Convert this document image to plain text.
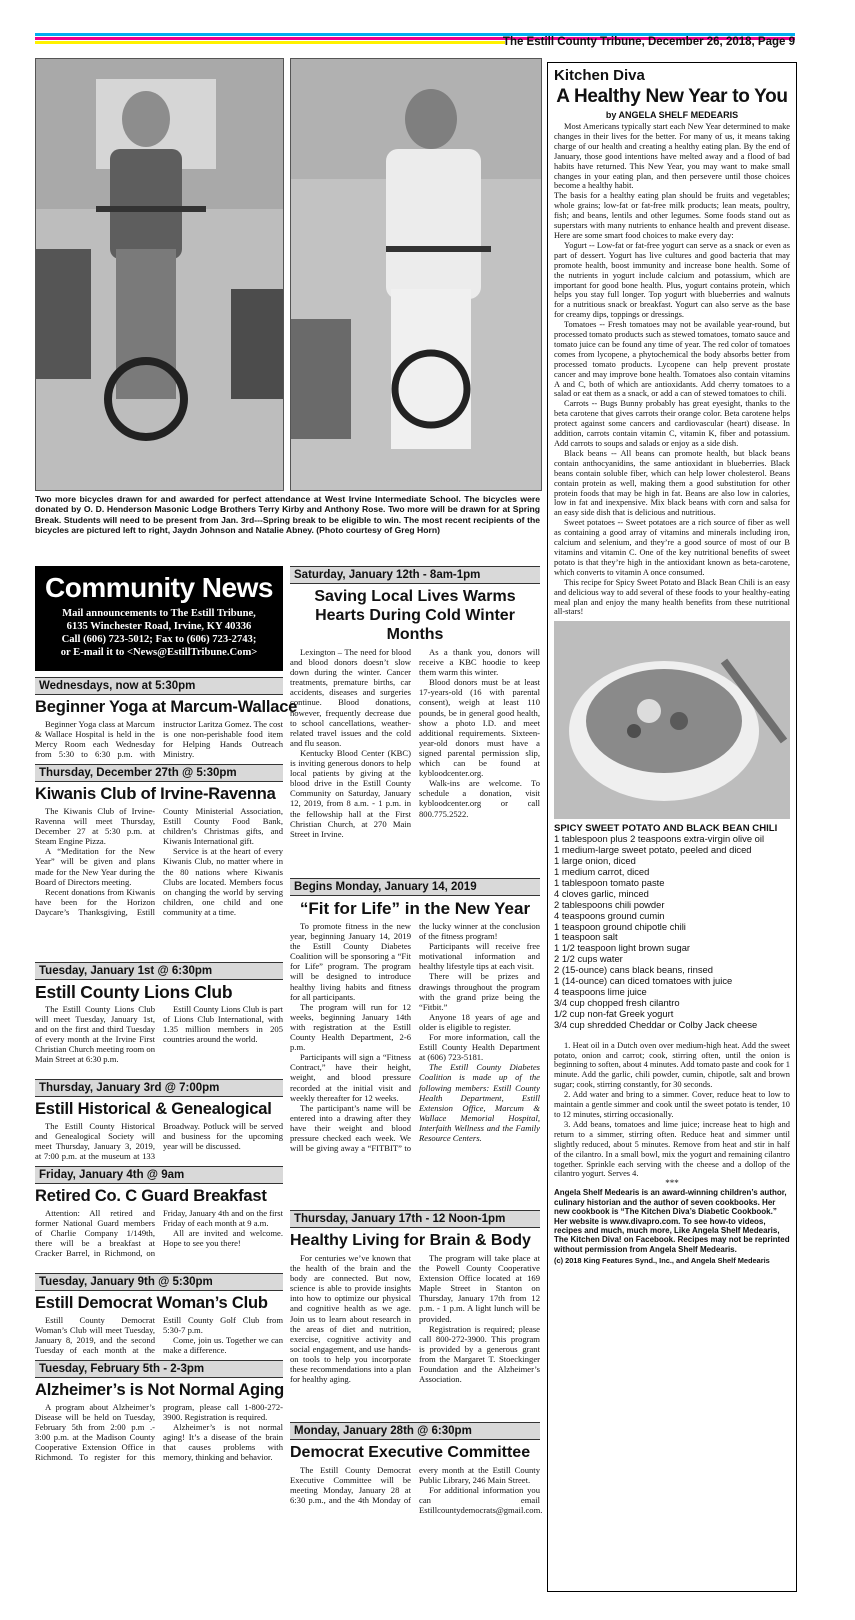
The Estill County Tribune, December 26, 2018, Page 9
Two more bicycles drawn for and awarded for perfect attendance at West Irvine Intermediate School. The bicycles were donated by O. D. Henderson Masonic Lodge Brothers Terry Kirby and Anthony Rose. Two more will be drawn for at Spring Break. Students will need to be present from Jan. 3rd---Spring break to be eligible to win. The most recent recipients of the bicycles are pictured left to right, Jaydn Johnson and Natalie Abney. (Photo courtesy of Greg Horn)
Community News
Mail announcements to The Estill Tribune,
6135 Winchester Road, Irvine, KY 40336
Call (606) 723-5012; Fax to (606) 723-2743;
or E-mail it to <News@EstillTribune.Com>
Wednesdays, now at 5:30pm
Beginner Yoga at Marcum-Wallace
Beginner Yoga class at Marcum & Wallace Hospital is held in the Mercy Room each Wednesday from 5:30 to 6:30 p.m. with instructor Laritza Gomez. The cost is one non-perishable food item for Helping Hands Outreach Ministry.
Thursday, December 27th @ 5:30pm
Kiwanis Club of Irvine-Ravenna
The Kiwanis Club of Irvine-Ravenna will meet Thursday, December 27 at 5:30 p.m. at Steam Engine Pizza.
A “Meditation for the New Year” will be given and plans made for the New Year during the Board of Directors meeting.
Recent donations from Kiwanis have been for the Horizon Daycare’s Thanksgiving, Estill County Ministerial Association, Estill County Food Bank, children’s Christmas gifts, and Kiwanis International gift.
Service is at the heart of every Kiwanis Club, no matter where in the 80 nations where Kiwanis Clubs are located. Members focus on changing the world by serving children, one child and one community at a time.
Tuesday, January 1st @ 6:30pm
Estill County Lions Club
The Estill County Lions Club will meet Tuesday, January 1st, and on the first and third Tuesday of every month at the Irvine First Christian Church meeting room on Main Street at 6:30 p.m.
Estill County Lions Club is part of Lions Club International, with 1.35 million members in 205 countries around the world.
Thursday, January 3rd @ 7:00pm
Estill Historical & Genealogical
The Estill County Historical and Genealogical Society will meet Thursday, January 3, 2019, at 7:00 p.m. at the museum at 133 Broadway. Potluck will be served and business for the upcoming year will be discussed.
Friday, January 4th @ 9am
Retired Co. C Guard Breakfast
Attention: All retired and former National Guard members of Charlie Company 1/149th, there will be a breakfast at Cracker Barrel, in Richmond, on Friday, January 4th and on the first Friday of each month at 9 a.m.
All are invited and welcome. Hope to see you there!
Tuesday, January 9th @ 5:30pm
Estill Democrat Woman’s Club
Estill County Democrat Woman’s Club will meet Tuesday, January 8, 2019, and the second Tuesday of each month at the Estill County Golf Club from 5:30-7 p.m.
Come, join us. Together we can make a difference.
Tuesday, February 5th - 2-3pm
Alzheimer’s is Not Normal Aging
A program about Alzheimer’s Disease will be held on Tuesday, February 5th from 2:00 p.m .- 3:00 p.m. at the Madison County Cooperative Extension Office in Richmond. To register for this program, please call 1-800-272-3900. Registration is required.
Alzheimer’s is not normal aging! It’s a disease of the brain that causes problems with memory, thinking and behavior.
Saturday, January 12th - 8am-1pm
Saving Local Lives Warms Hearts During Cold Winter Months
Lexington – The need for blood and blood donors doesn’t slow down during the winter. Cancer treatments, premature births, car accidents, diseases and surgeries continue. Blood donations, however, frequently decrease due to school cancellations, weather-related travel issues and the cold and flu season.
Kentucky Blood Center (KBC) is inviting generous donors to help local patients by giving at the blood drive in the Estill County Community on Saturday, January 12, 2019, from 8 a.m. - 1 p.m. in the fellowship hall at the First Christian Church, at 270 Main Street in Irvine.
As a thank you, donors will receive a KBC hoodie to keep them warm this winter.
Blood donors must be at least 17-years-old (16 with parental consent), weigh at least 110 pounds, be in general good health, show a photo I.D. and meet additional requirements. Sixteen-year-old donors must have a signed parental permission slip, which can be found at kybloodcenter.org.
Walk-ins are welcome. To schedule a donation, visit kybloodcenter.org or call 800.775.2522.
Begins Monday, January 14, 2019
“Fit for Life” in the New Year
To promote fitness in the new year, beginning January 14, 2019 the Estill County Diabetes Coalition will be sponsoring a “Fit for Life” program. The program will be designed to introduce healthy living habits and fitness for all participants.
The program will run for 12 weeks, beginning January 14th with registration at the Estill County Health Department, 2-6 p.m.
Participants will sign a “Fitness Contract,” have their height, weight, and blood pressure recorded at the initial visit and weekly thereafter for 12 weeks.
The participant’s name will be entered into a drawing after they have their weight and blood pressure checked each week. We will be giving away a “FITBIT” to the lucky winner at the conclusion of the fitness program!
Participants will receive free motivational information and healthy lifestyle tips at each visit.
There will be prizes and drawings throughout the program with the grand prize being the “Fitbit.”
Anyone 18 years of age and older is eligible to register.
For more information, call the Estill County Health Department at (606) 723-5181.
The Estill County Diabetes Coalition is made up of the following members: Estill County Health Department, Estill Extension Office, Marcum & Wallace Memorial Hospital, Interfaith Wellness and the Family Resource Centers.
Thursday, January 17th - 12 Noon-1pm
Healthy Living for Brain & Body
For centuries we’ve known that the health of the brain and the body are connected. But now, science is able to provide insights into how to optimize our physical and cognitive health as we age. Join us to learn about research in the areas of diet and nutrition, exercise, cognitive activity and social engagement, and use hands-on tools to help you incorporate these recommendations into a plan for healthy aging.
The program will take place at the Powell County Cooperative Extension Office located at 169 Maple Street in Stanton on Thursday, January 17th from 12 p.m. - 1 p.m. A light lunch will be provided.
Registration is required; please call 800-272-3900. This program is provided by a generous grant from the Margaret T. Stoeckinger Foundation and the Alzheimer’s Association.
Monday, January 28th @ 6:30pm
Democrat Executive Committee
The Estill County Democrat Executive Committee will be meeting Monday, January 28 at 6:30 p.m., and the 4th Monday of every month at the Estill County Public Library, 246 Main Street.
For additional information you can email Estillcountydemocrats@gmail.com.
Kitchen Diva
A Healthy New Year to You
by ANGELA SHELF MEDEARIS
Most Americans typically start each New Year determined to make changes in their lives for the better. For many of us, it means taking charge of our health and creating a healthy eating plan. By the end of January, those good intentions have melted away and a flood of bad habits have returned. This New Year, you may want to make small changes in your eating plan, and then persevere until those choices become a healthy habit.
The basis for a healthy eating plan should be fruits and vegetables; whole grains; low-fat or fat-free milk products; lean meats, poultry, fish; and beans, lentils and other legumes. Some foods stand out as superstars with many nutrients to enhance health and prevent disease. Here are some smart food choices to make every day:
Yogurt -- Low-fat or fat-free yogurt can serve as a snack or even as part of dessert. Yogurt has live cultures and good bacteria that may promote health, boost immunity and increase bone health. Some of the nutrients in yogurt include calcium and potassium, which are important for good bone health. Plus, yogurt contains protein, which helps you stay full longer. Top yogurt with blueberries and walnuts for a nutritious snack or breakfast. Yogurt can also serve as the base for creamy dips, toppings or dressings.
Tomatoes -- Fresh tomatoes may not be available year-round, but processed tomato products such as stewed tomatoes, tomato sauce and tomato juice can be found any time of year. The red color of tomatoes comes from lycopene, a phytochemical the body absorbs better from processed tomato products. Lycopene can help prevent prostate cancer and may improve bone health. Tomatoes also contain vitamins A and C, both of which are antioxidants. Add cherry tomatoes to a salad or eat them as a snack, or add a can of stewed tomatoes to chili.
Carrots -- Bugs Bunny probably has great eyesight, thanks to the beta carotene that gives carrots their orange color. Beta carotene helps protect against some cancers and cardiovascular (heart) disease. In addition, carrots contain vitamin C, vitamin K, fiber and potassium. Add carrots to soups and salads or enjoy as a side dish.
Black beans -- All beans can promote health, but black beans contain anthocyanidins, the same antioxidant in blueberries. Black beans contain soluble fiber, which can help lower cholesterol. Beans contain protein as well, making them a good substitution for other protein foods that may be high in fat. Beans are also low in calories, low in fat and inexpensive. Mix black beans with corn and salsa for an easy side dish that is delicious and nutritious.
Sweet potatoes -- Sweet potatoes are a rich source of fiber as well as containing a good array of vitamins and minerals including iron, calcium and selenium, and they’re a good source of most of our B vitamins and vitamin C. One of the key nutritional benefits of sweet potato is that they’re high in the antioxidant known as beta-carotene, which converts to vitamin A once consumed.
This recipe for Spicy Sweet Potato and Black Bean Chili is an easy and delicious way to add several of these foods to your healthy-eating meal plan and enjoy the many health benefits from these nutritional all-stars!
SPICY SWEET POTATO AND BLACK BEAN CHILI
1 tablespoon plus 2 teaspoons extra-virgin olive oil
1 medium-large sweet potato, peeled and diced
1 large onion, diced
1 medium carrot, diced
1 tablespoon tomato paste
4 cloves garlic, minced
2 tablespoons chili powder
4 teaspoons ground cumin
1 teaspoon ground chipotle chili
1 teaspoon salt
1 1/2 teaspoon light brown sugar
2 1/2 cups water
2 (15-ounce) cans black beans, rinsed
1 (14-ounce) can diced tomatoes with juice
4 teaspoons lime juice
3/4 cup chopped fresh cilantro
1/2 cup non-fat Greek yogurt
3/4 cup shredded Cheddar or Colby Jack cheese
1. Heat oil in a Dutch oven over medium-high heat. Add the sweet potato, onion and carrot; cook, stirring often, until the onion is beginning to soften, about 4 minutes. Add tomato paste and cook for 1 minute. Add the garlic, chili powder, cumin, chipotle, salt and brown sugar; cook, stirring constantly, for 30 seconds.
2. Add water and bring to a simmer. Cover, reduce heat to low to maintain a gentle simmer and cook until the sweet potato is tender, 10 to 12 minutes, stirring occasionally.
3. Add beans, tomatoes and lime juice; increase heat to high and return to a simmer, stirring often. Reduce heat and simmer until slightly reduced, about 5 minutes. Remove from heat and stir in half of the cilantro. In a small bowl, mix the yogurt and remaining cilantro together. Sprinkle each serving with the cheese and a dollop of the cilantro yogurt. Serves 4.
***
Angela Shelf Medearis is an award-winning children’s author, culinary historian and the author of seven cookbooks. Her new cookbook is “The Kitchen Diva’s Diabetic Cookbook.” Her website is www.divapro.com. To see how-to videos, recipes and much, much more, Like Angela Shelf Medearis, The Kitchen Diva! on Facebook. Recipes may not be reprinted without permission from Angela Shelf Medearis.
(c) 2018 King Features Synd., Inc., and Angela Shelf Medearis
